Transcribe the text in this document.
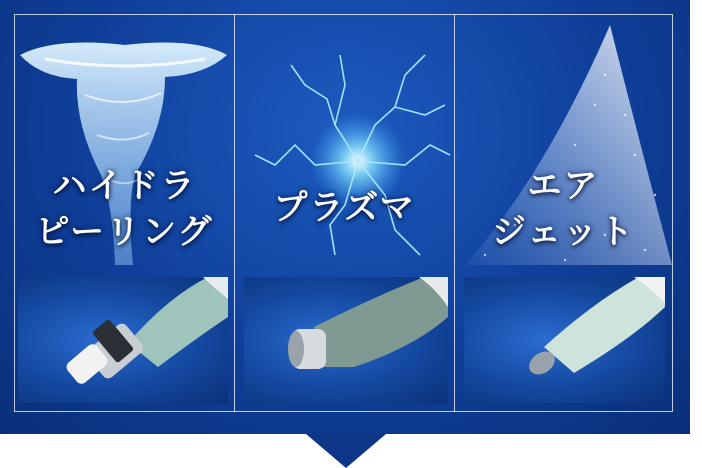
ハイドラ
ピーリング
プラズマ
エア
ジェット
